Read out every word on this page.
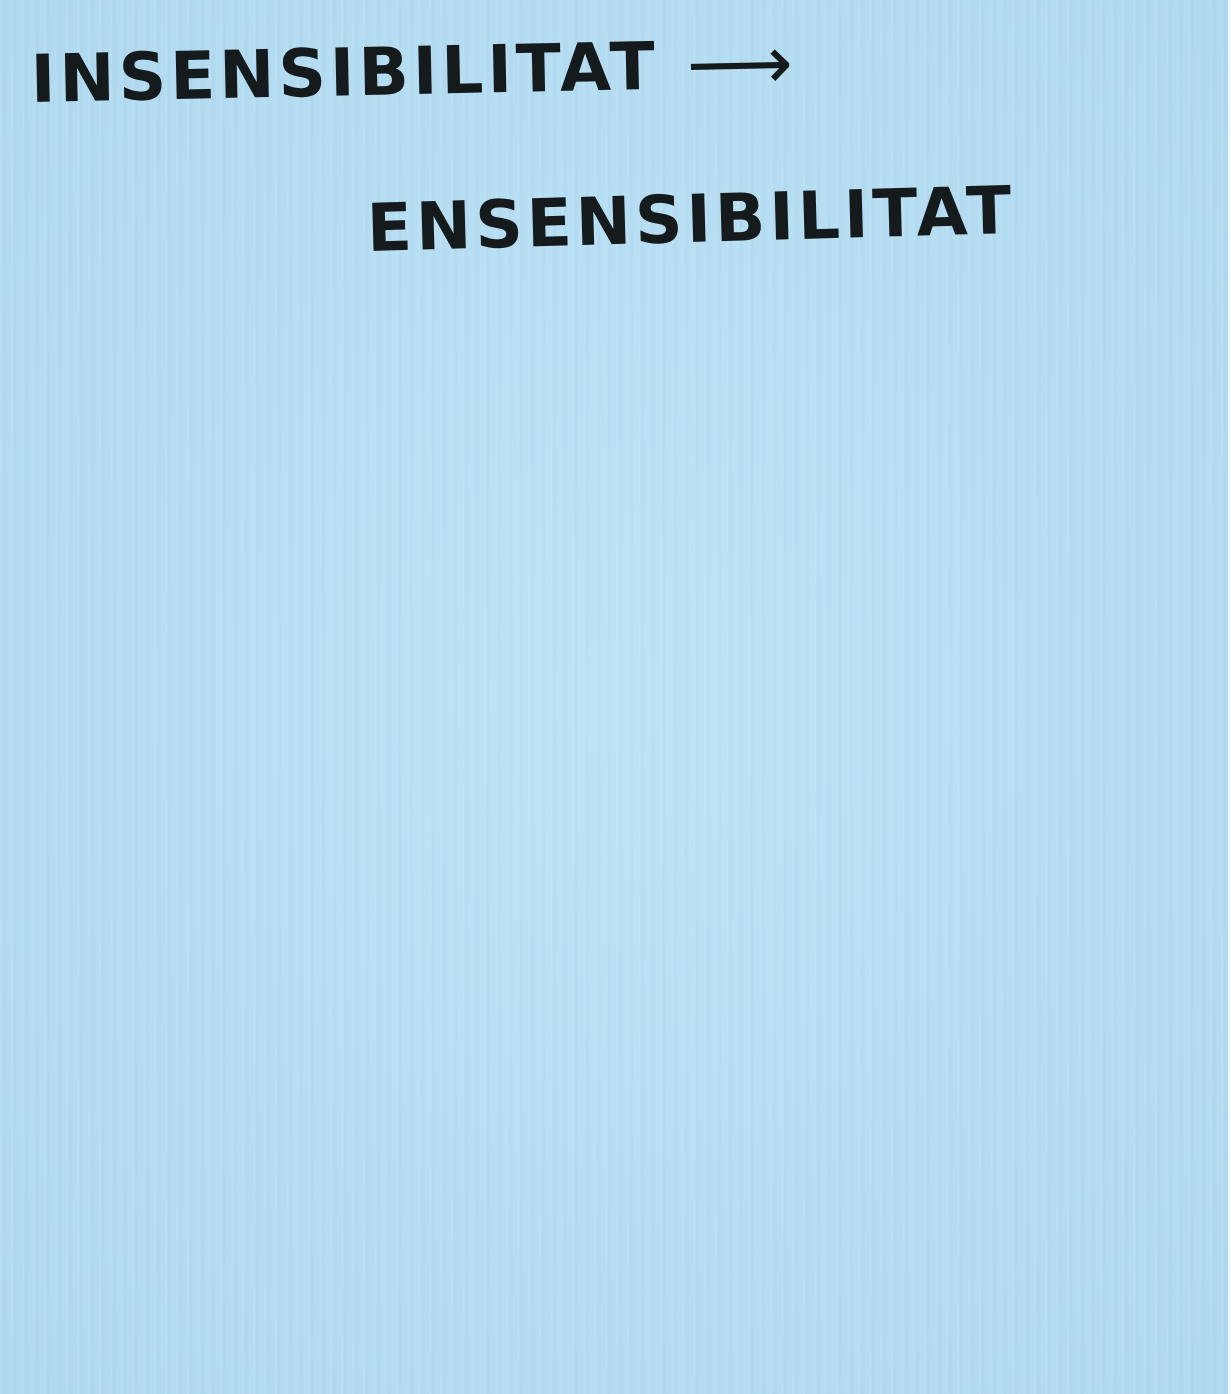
INSENSIBILITAT ⟶
ENSENSIBILITAT
